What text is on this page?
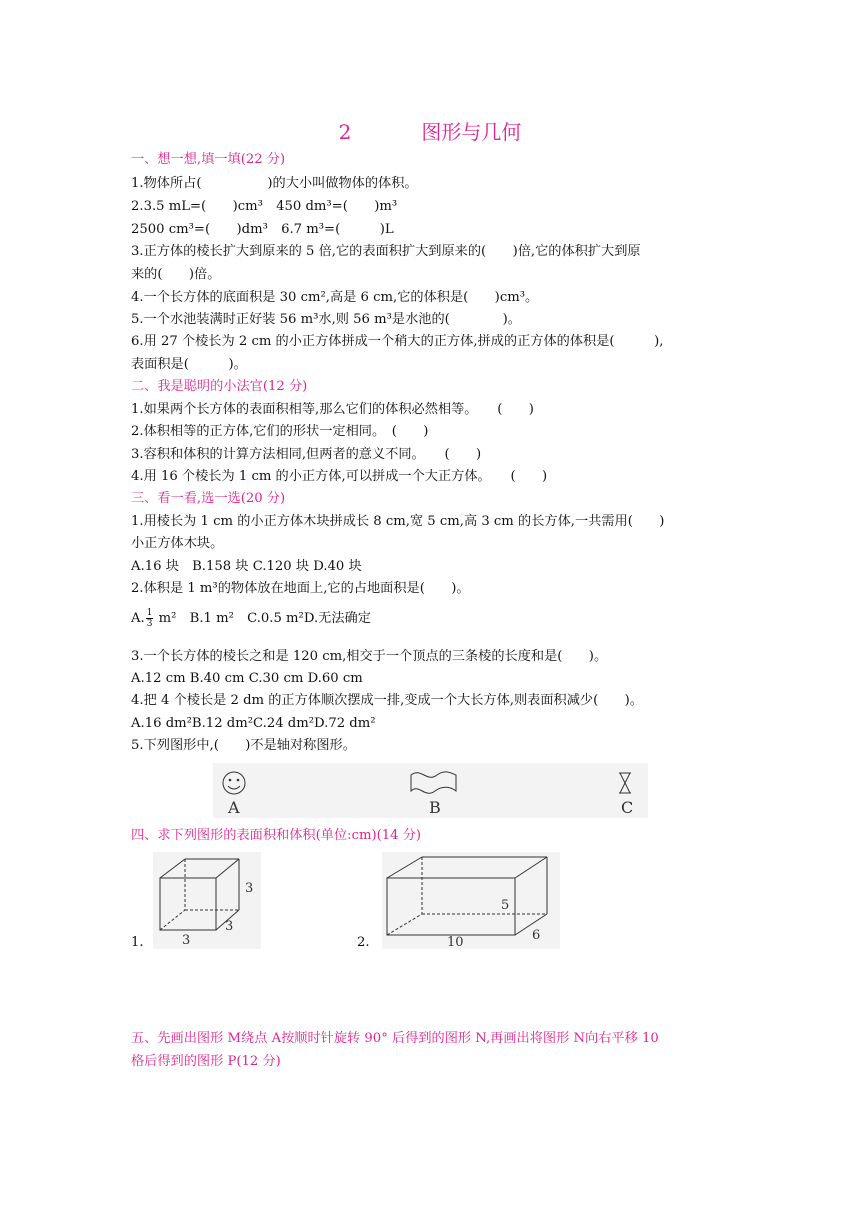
2	图形与几何
一、想一想,填一填(22 分)
1.物体所占(　　　　　)的大小叫做物体的体积。
2.3.5 mL=(　　)cm³　450 dm³=(　　)m³
2500 cm³=(　　)dm³　6.7 m³=(　　　)L
3.正方体的棱长扩大到原来的 5 倍,它的表面积扩大到原来的(　　)倍,它的体积扩大到原
来的(　　)倍。
4.一个长方体的底面积是 30 cm²,高是 6 cm,它的体积是(　　)cm³。
5.一个水池装满时正好装 56 m³水,则 56 m³是水池的(　　　　)。
6.用 27 个棱长为 2 cm 的小正方体拼成一个稍大的正方体,拼成的正方体的体积是(　　　),
表面积是(　　　)。
二、我是聪明的小法官(12 分)
1.如果两个长方体的表面积相等,那么它们的体积必然相等。　　(　　)
2.体积相等的正方体,它们的形状一定相同。　(　　)
3.容积和体积的计算方法相同,但两者的意义不同。　　(　　)
4.用 16 个棱长为 1 cm 的小正方体,可以拼成一个大正方体。　　(　　)
三、看一看,选一选(20 分)
1.用棱长为 1 cm 的小正方体木块拼成长 8 cm,宽 5 cm,高 3 cm 的长方体,一共需用(　　)
小正方体木块。
A.16 块　B.158 块 C.120 块 D.40 块
2.体积是 1 m³的物体放在地面上,它的占地面积是(　　)。
A. $\frac{1}{3} m^2$　B.1 m²　C.0.5 m²D.无法确定
3.一个长方体的棱长之和是 120 cm,相交于一个顶点的三条棱的长度和是(　　)。
A.12 cm B.40 cm C.30 cm D.60 cm
4.把 4 个棱长是 2 dm 的正方体顺次摆成一排,变成一个大长方体,则表面积减少(　　)。
A.16 dm²B.12 dm²C.24 dm²D.72 dm²
5.下列图形中,(　　)不是轴对称图形。
A	B	C
四、求下列图形的表面积和体积(单位:cm)(14 分)
1.
3
3
3	2.
5
10	6
五、先画出图形 M绕点 A按顺时针旋转 90° 后得到的图形 N,再画出将图形 N向右平移 10
格后得到的图形 P(12 分)
